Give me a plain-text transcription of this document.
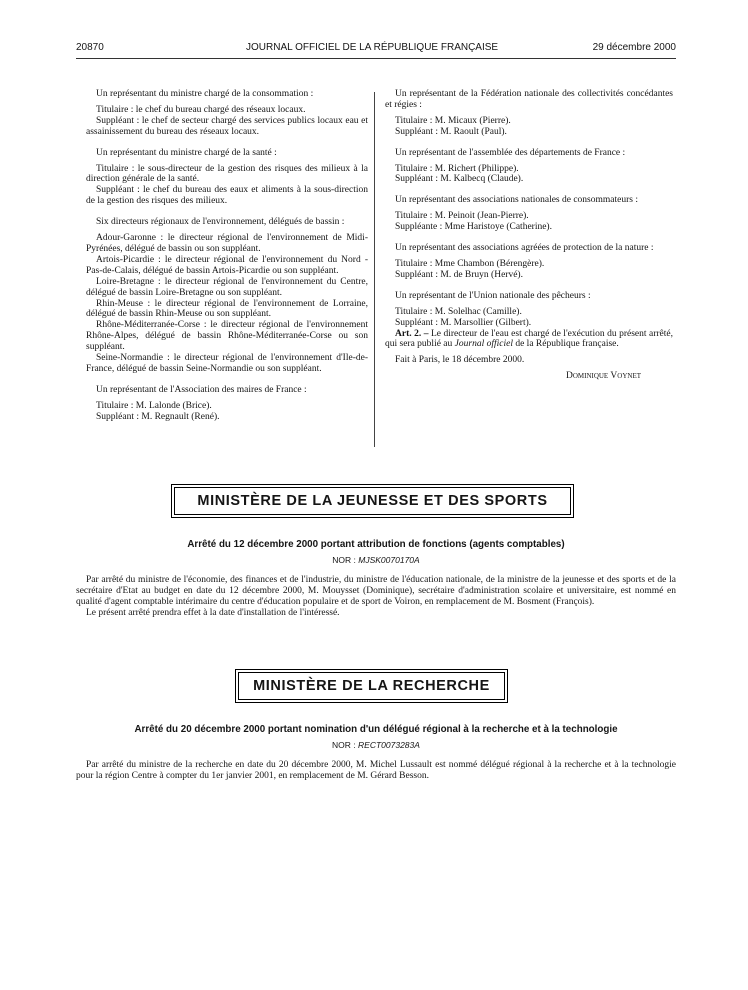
20870	JOURNAL OFFICIEL DE LA RÉPUBLIQUE FRANÇAISE	29 décembre 2000

Un représentant du ministre chargé de la consommation :

Titulaire : le chef du bureau chargé des réseaux locaux.

Suppléant : le chef de secteur chargé des services publics locaux eau et assainissement du bureau des réseaux locaux.

Un représentant du ministre chargé de la santé :

Titulaire : le sous-directeur de la gestion des risques des milieux à la direction générale de la santé.

Suppléant : le chef du bureau des eaux et aliments à la sous-direction de la gestion des risques des milieux.

Six directeurs régionaux de l'environnement, délégués de bassin :

Adour-Garonne : le directeur régional de l'environnement de Midi-Pyrénées, délégué de bassin ou son suppléant.

Artois-Picardie : le directeur régional de l'environnement du Nord - Pas-de-Calais, délégué de bassin Artois-Picardie ou son suppléant.

Loire-Bretagne : le directeur régional de l'environnement du Centre, délégué de bassin Loire-Bretagne ou son suppléant.

Rhin-Meuse : le directeur régional de l'environnement de Lorraine, délégué de bassin Rhin-Meuse ou son suppléant.

Rhône-Méditerranée-Corse : le directeur régional de l'environnement Rhône-Alpes, délégué de bassin Rhône-Méditerranée-Corse ou son suppléant.

Seine-Normandie : le directeur régional de l'environnement d'Ile-de-France, délégué de bassin Seine-Normandie ou son suppléant.

Un représentant de l'Association des maires de France :

Titulaire : M. Lalonde (Brice).

Suppléant : M. Regnault (René).

Un représentant de la Fédération nationale des collectivités concédantes et régies :

Titulaire : M. Micaux (Pierre).

Suppléant : M. Raoult (Paul).

Un représentant de l'assemblée des départements de France :

Titulaire : M. Richert (Philippe).

Suppléant : M. Kalbecq (Claude).

Un représentant des associations nationales de consommateurs :

Titulaire : M. Peinoit (Jean-Pierre).

Suppléante : Mme Haristoye (Catherine).

Un représentant des associations agréées de protection de la nature :

Titulaire : Mme Chambon (Bérengère).

Suppléant : M. de Bruyn (Hervé).

Un représentant de l'Union nationale des pêcheurs :

Titulaire : M. Solelhac (Camille).

Suppléant : M. Marsollier (Gilbert).

Art. 2. – Le directeur de l'eau est chargé de l'exécution du présent arrêté, qui sera publié au Journal officiel de la République française.

Fait à Paris, le 18 décembre 2000.

Dominique Voynet

MINISTÈRE DE LA JEUNESSE ET DES SPORTS
Arrêté du 12 décembre 2000 portant attribution de fonctions (agents comptables)
NOR : MJSK0070170A

Par arrêté du ministre de l'économie, des finances et de l'industrie, du ministre de l'éducation nationale, de la ministre de la jeunesse et des sports et de la secrétaire d'Etat au budget en date du 12 décembre 2000, M. Mouysset (Dominique), secrétaire d'administration scolaire et universitaire, est nommé en qualité d'agent comptable intérimaire du centre d'éducation populaire et de sport de Voiron, en remplacement de M. Bosment (François).

Le présent arrêté prendra effet à la date d'installation de l'intéressé.

MINISTÈRE DE LA RECHERCHE
Arrêté du 20 décembre 2000 portant nomination d'un délégué régional à la recherche et à la technologie
NOR : RECT0073283A

Par arrêté du ministre de la recherche en date du 20 décembre 2000, M. Michel Lussault est nommé délégué régional à la recherche et à la technologie pour la région Centre à compter du 1er janvier 2001, en remplacement de M. Gérard Besson.
